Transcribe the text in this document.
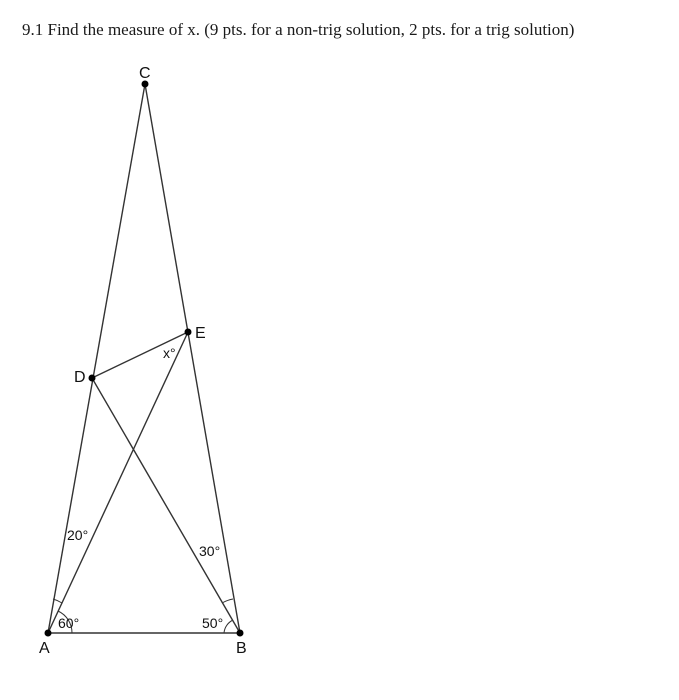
9.1 Find the measure of x. (9 pts. for a non-trig solution, 2 pts. for a trig solution)
A	B
C
D
E
60°
20°
50°
30°
x°
